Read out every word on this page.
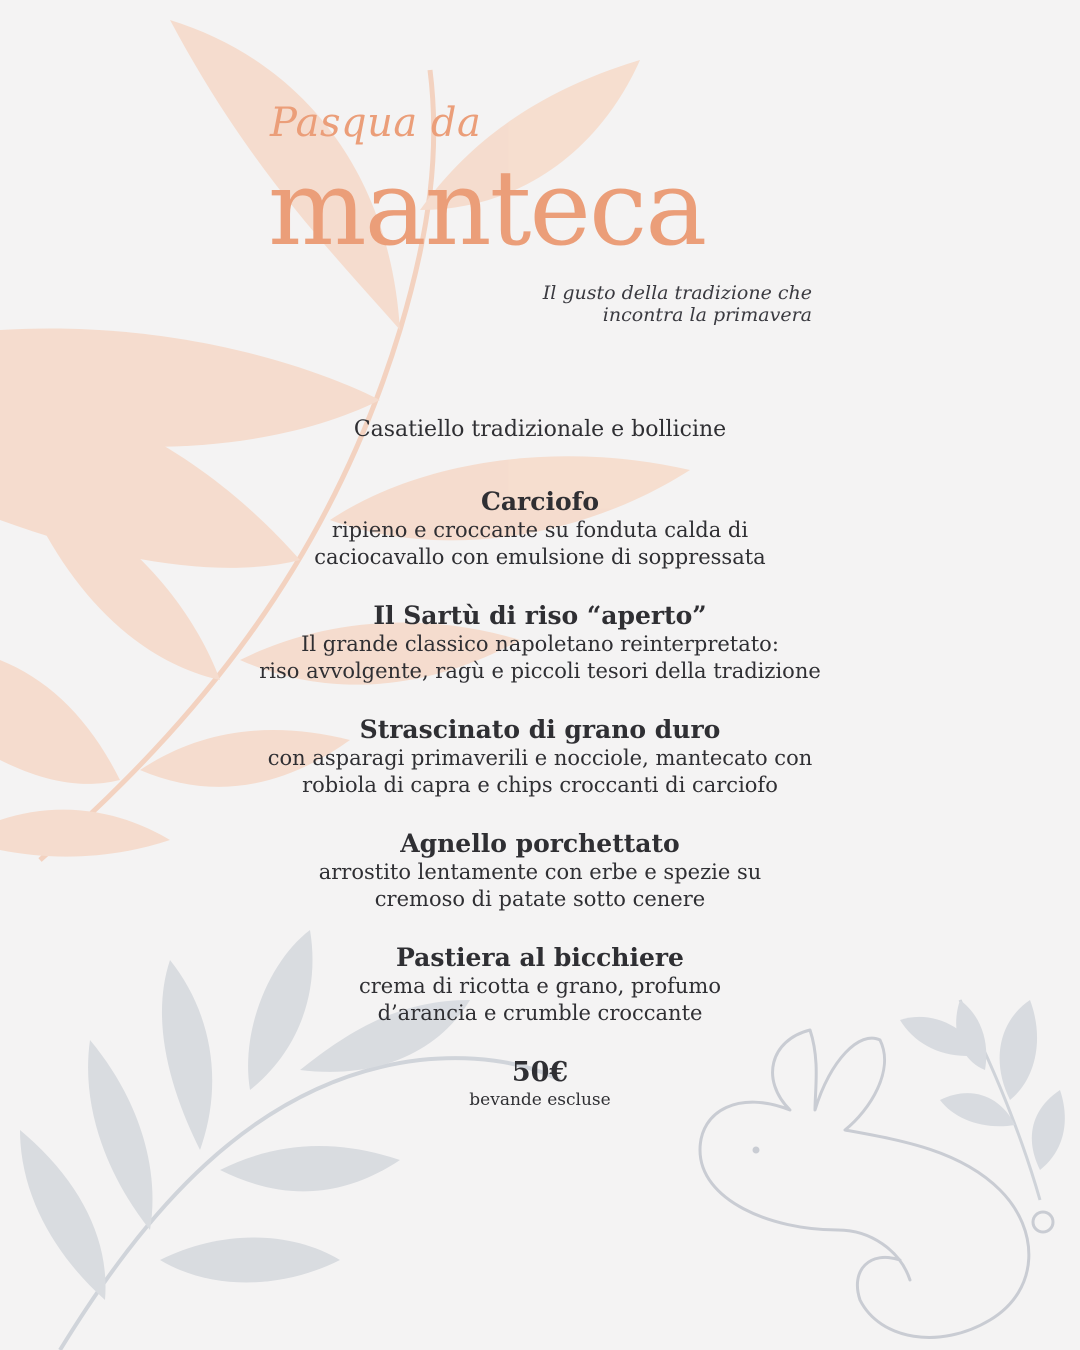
Pasqua da
manteca
Il gusto della tradizione che
incontra la primavera
Casatiello tradizionale e bollicine
Carciofo
ripieno e croccante su fonduta calda di
caciocavallo con emulsione di soppressata
Il Sartù di riso “aperto”
Il grande classico napoletano reinterpretato:
riso avvolgente, ragù e piccoli tesori della tradizione
Strascinato di grano duro
con asparagi primaverili e nocciole, mantecato con
robiola di capra e chips croccanti di carciofo
Agnello porchettato
arrostito lentamente con erbe e spezie su
cremoso di patate sotto cenere
Pastiera al bicchiere
crema di ricotta e grano, profumo
d’arancia e crumble croccante
50€
bevande escluse
